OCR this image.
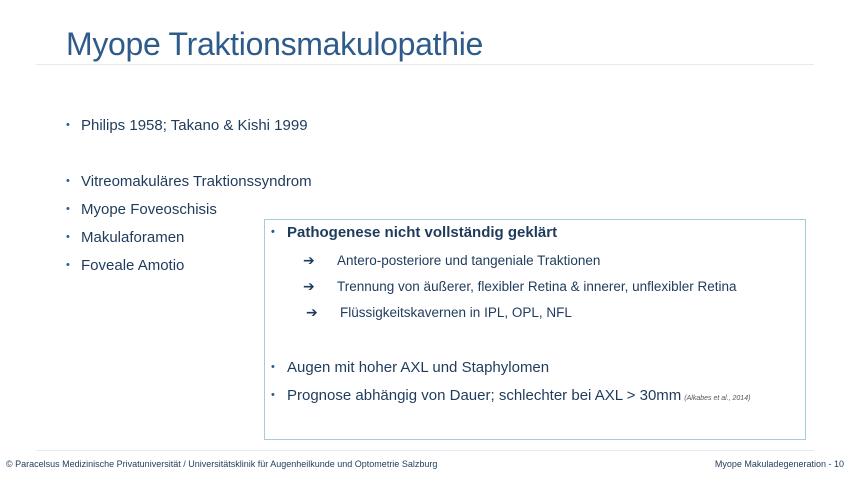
Myope Traktionsmakulopathie
• Philips 1958; Takano & Kishi 1999
• Vitreomakuläres Traktionssyndrom
• Myope Foveoschisis
• Makulaforamen
• Foveale Amotio
• Pathogenese nicht vollständig geklärt
➔ Antero-posteriore und tangeniale Traktionen
➔ Trennung von äußerer, flexibler Retina & innerer, unflexibler Retina
➔ Flüssigkeitskavernen in IPL, OPL, NFL
• Augen mit hoher AXL und Staphylomen
• Prognose abhängig von Dauer; schlechter bei AXL > 30mm (Alkabes et al., 2014)
© Paracelsus Medizinische Privatuniversität / Universitätsklinik für Augenheilkunde und Optometrie Salzburg	Myope Makuladegeneration - 10
